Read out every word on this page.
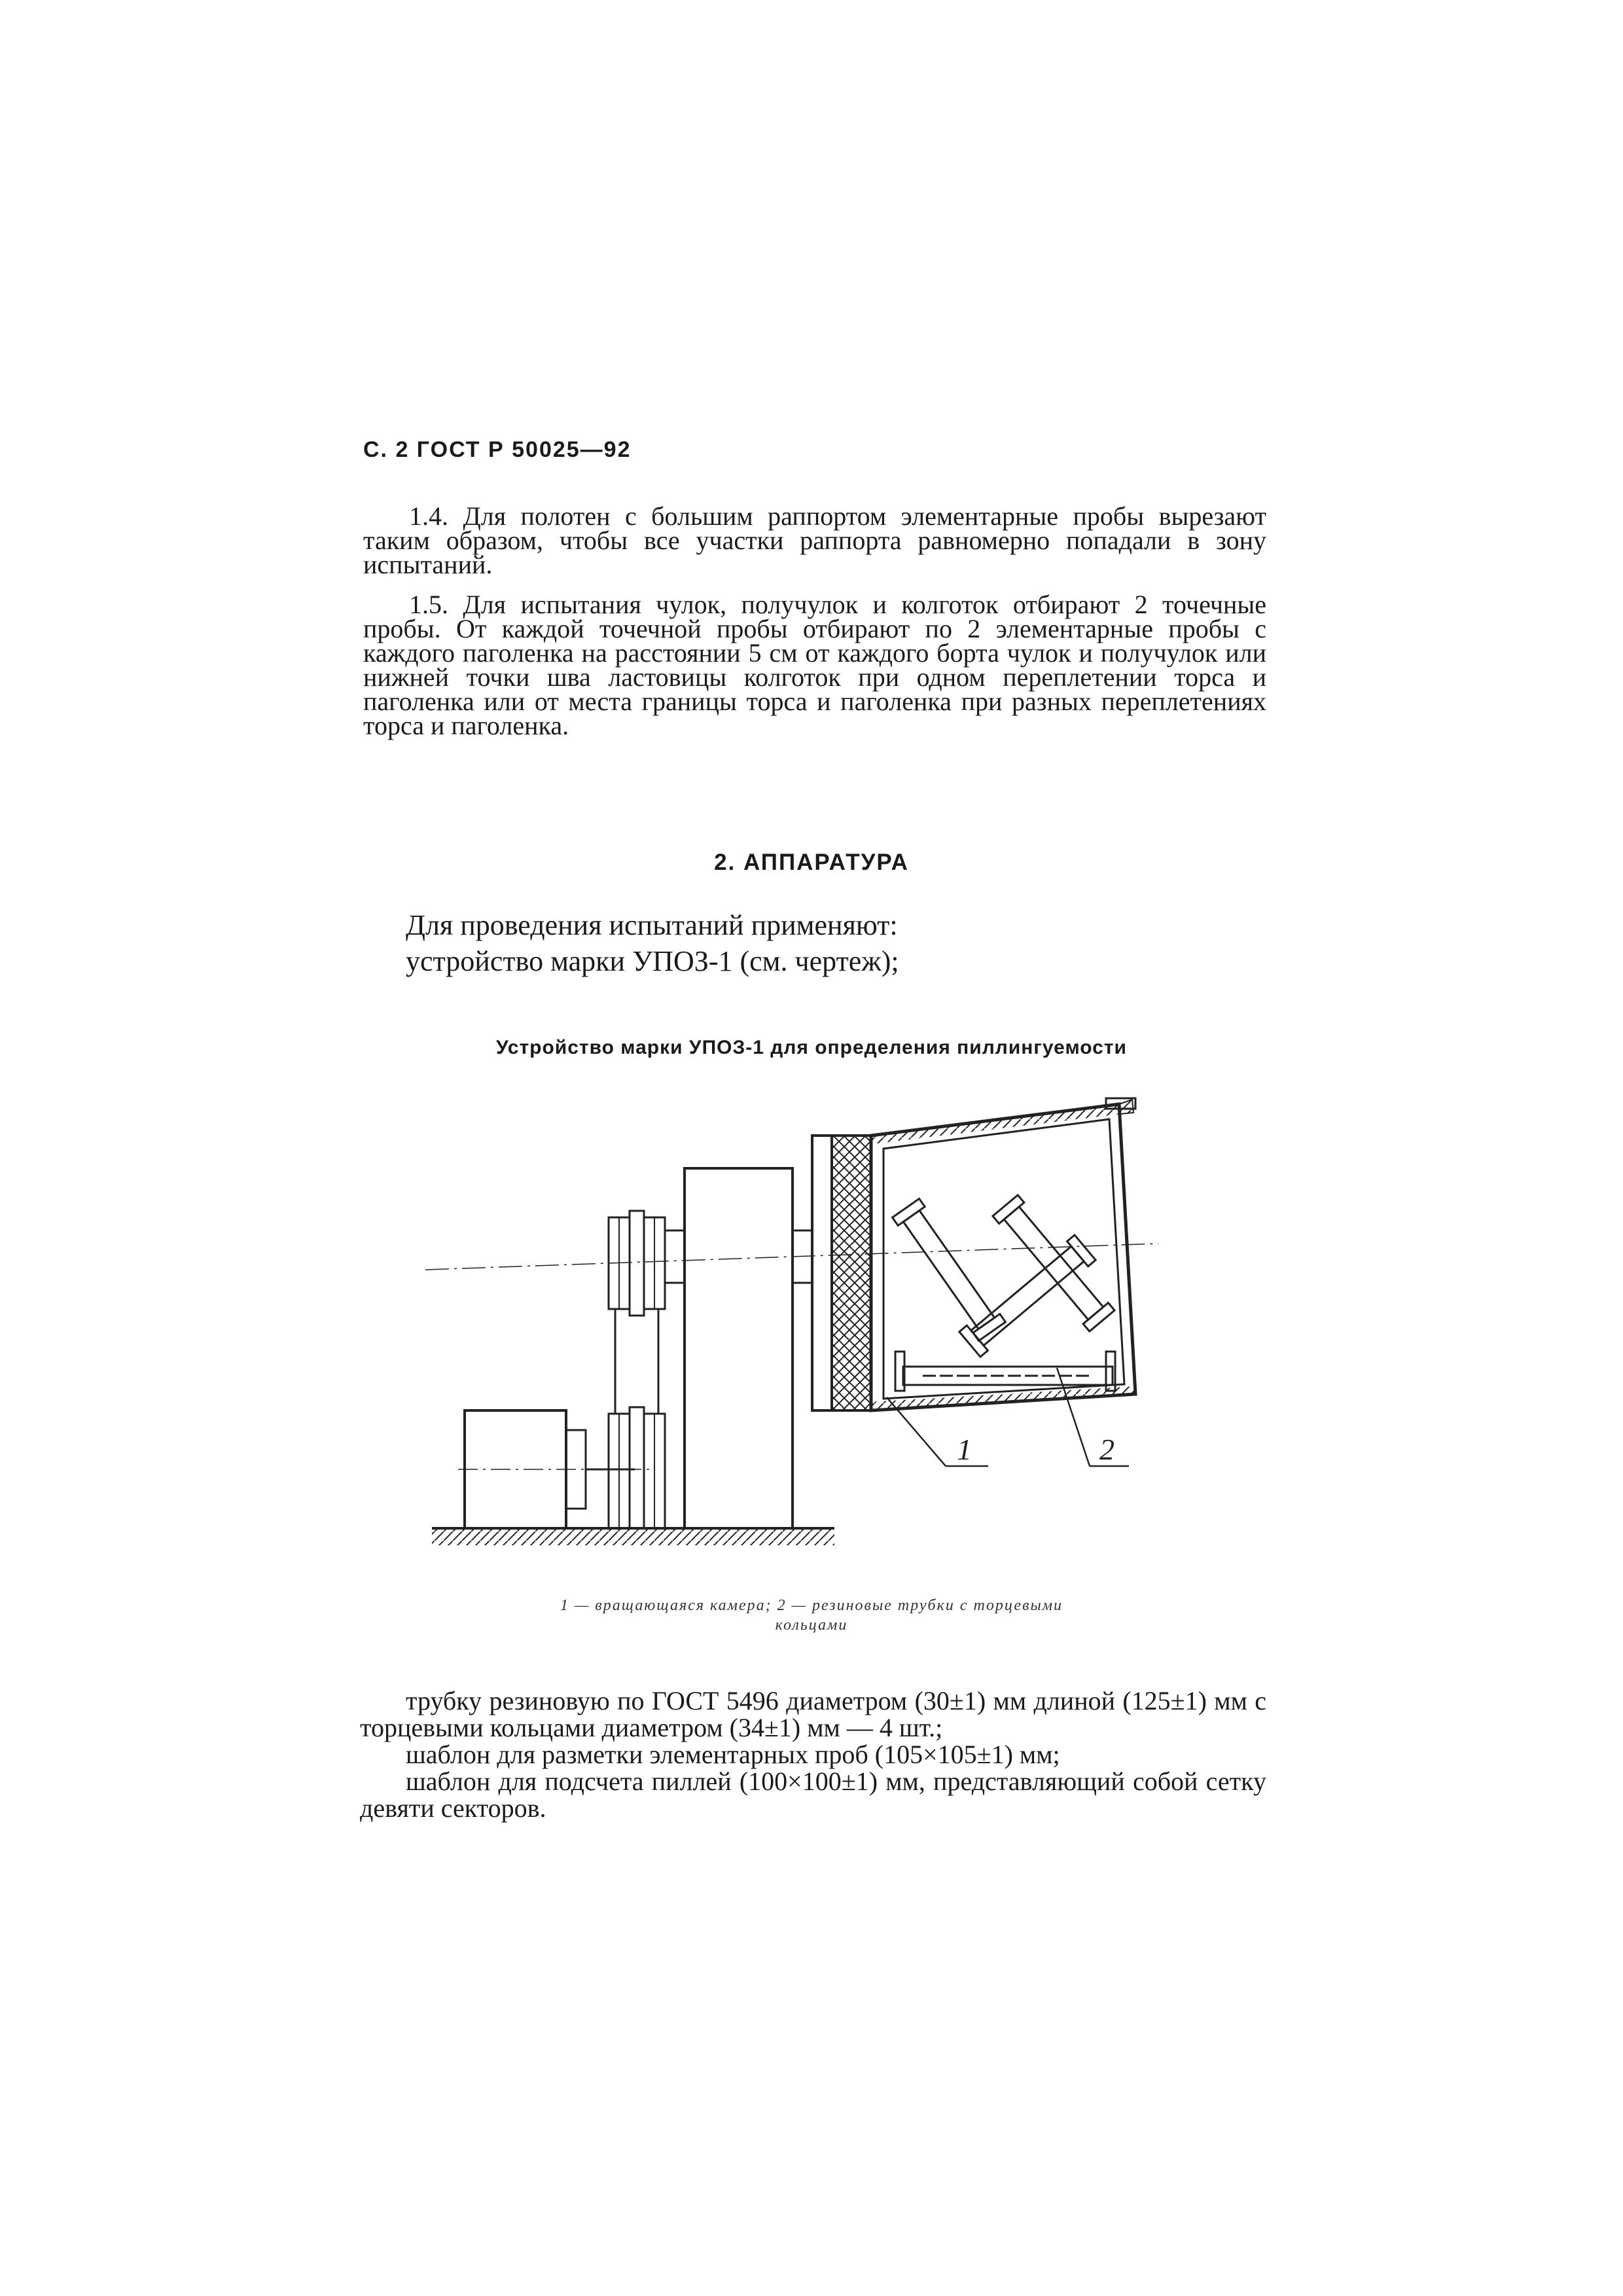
С. 2 ГОСТ Р 50025—92
1.4. Для полотен с большим раппортом элементарные пробы вырезают таким образом, чтобы все участки раппорта равномерно попадали в зону испытаний.
1.5. Для испытания чулок, получулок и колготок отбирают 2 точечные пробы. От каждой точечной пробы отбирают по 2 элементарные пробы с каждого паголенка на расстоянии 5 см от каждого борта чулок и получулок или нижней точки шва ластовицы колготок при одном переплетении торса и паголенка или от места границы торса и паголенка при разных переплетениях торса и паголенка.
2. АППАРАТУРА
Для проведения испытаний применяют:
устройство марки УПОЗ-1 (см. чертеж);
Устройство марки УПОЗ-1 для определения пиллингуемости
1	2
1 — вращающаяся камера; 2 — резиновые трубки с торцевыми
кольцами
трубку резиновую по ГОСТ 5496 диаметром (30±1) мм длиной (125±1) мм с торцевыми кольцами диаметром (34±1) мм — 4 шт.;
шаблон для разметки элементарных проб (105×105±1) мм;
шаблон для подсчета пиллей (100×100±1) мм, представляющий собой сетку девяти секторов.
